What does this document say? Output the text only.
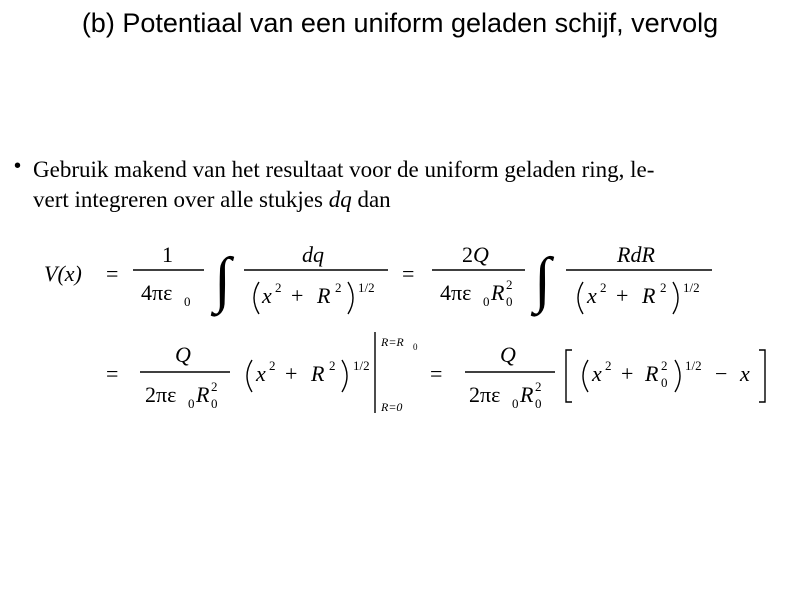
(b) Potentiaal van een uniform geladen schijf, vervolg
• Gebruik makend van het resultaat voor de uniform geladen ring, le-
vert integreren over alle stukjes dq dan
V(x) =
1
4πε 0 ∫	dq
x 2 + R 2 1/2
=
2Q
4πε 0 R 2
0 ∫	RdR
x 2 + R 2 1/2
=
Q
2πε 0 R 2
0
x 2 + R 2 1/2
R=R 0
R=0
=
Q
2πε 0 R 2
0
x 2 + R 2
0
1/2 − x
